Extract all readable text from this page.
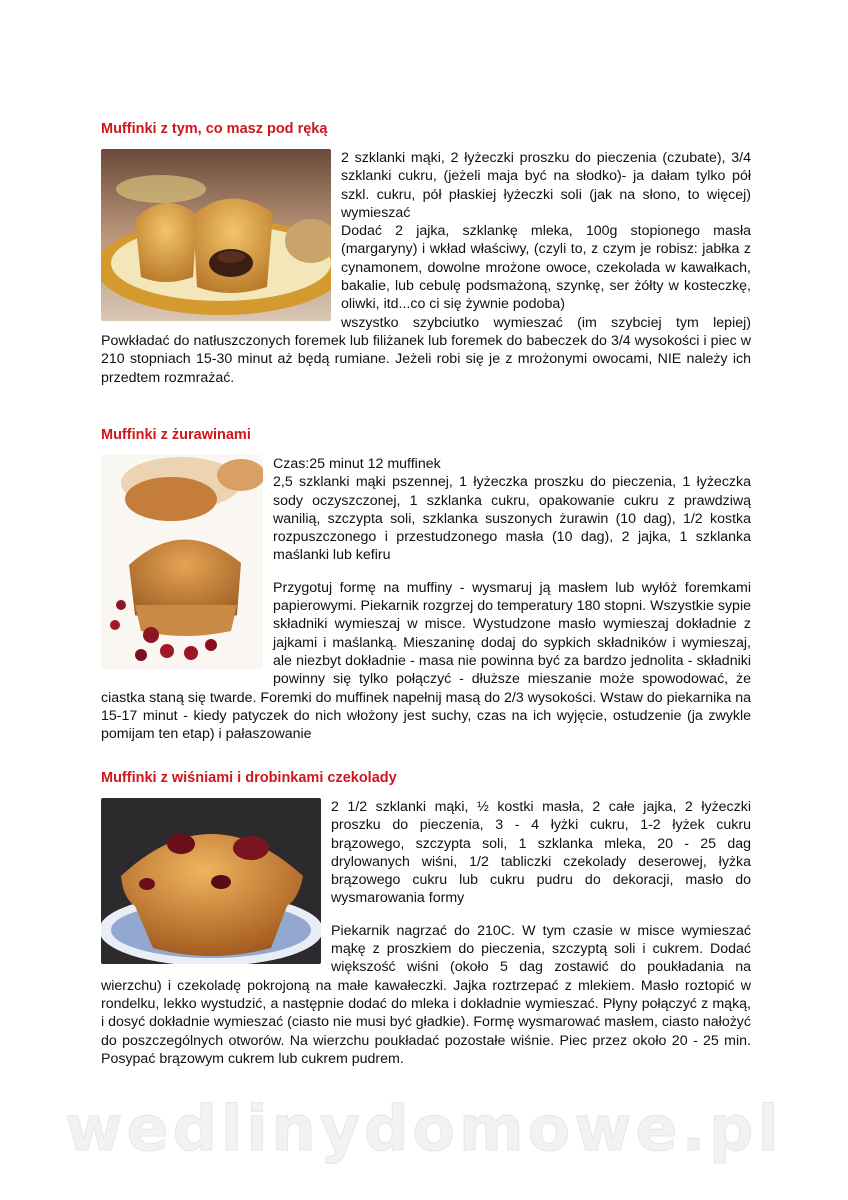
Muffinki z tym, co masz pod ręką

2 szklanki mąki, 2 łyżeczki proszku do pieczenia (czubate), 3/4 szklanki cukru, (jeżeli maja być na słodko)- ja dałam tylko pół szkl. cukru, pół płaskiej łyżeczki soli (jak na słono, to więcej) wymieszać

Dodać 2 jajka, szklankę mleka, 100g stopionego masła (margaryny) i wkład właściwy, (czyli to, z czym je robisz: jabłka z cynamonem, dowolne mrożone owoce, czekolada w kawałkach, bakalie, lub cebulę podsmażoną, szynkę, ser żółty w kosteczkę, oliwki, itd...co ci się żywnie podoba)

wszystko szybciutko wymieszać (im szybciej tym lepiej) Powkładać do natłuszczonych foremek lub filiżanek lub foremek do babeczek do 3/4 wysokości i piec w 210 stopniach 15-30 minut aż będą rumiane. Jeżeli robi się je z mrożonymi owocami, NIE należy ich przedtem rozmrażać.

Muffinki z żurawinami

Czas:25 minut 12 muffinek

2,5 szklanki mąki pszennej, 1 łyżeczka proszku do pieczenia, 1 łyżeczka sody oczyszczonej, 1 szklanka cukru, opakowanie cukru z prawdziwą wanilią, szczypta soli, szklanka suszonych żurawin (10 dag), 1/2 kostka rozpuszczonego i przestudzonego masła (10 dag), 2 jajka, 1 szklanka maślanki lub kefiru

Przygotuj formę na muffiny - wysmaruj ją masłem lub wyłóż foremkami papierowymi. Piekarnik rozgrzej do temperatury 180 stopni. Wszystkie sypie składniki wymieszaj w misce. Wystudzone masło wymieszaj dokładnie z jajkami i maślanką. Mieszaninę dodaj do sypkich składników i wymieszaj, ale niezbyt dokładnie - masa nie powinna być za bardzo jednolita - składniki powinny się tylko połączyć - dłuższe mieszanie może spowodować, że ciastka staną się twarde. Foremki do muffinek napełnij masą do 2/3 wysokości. Wstaw do piekarnika na 15-17 minut - kiedy patyczek do nich włożony jest suchy, czas na ich wyjęcie, ostudzenie (ja zwykle pomijam ten etap) i pałaszowanie

Muffinki z wiśniami i drobinkami czekolady

2 1/2 szklanki mąki, ½ kostki masła, 2 całe jajka, 2 łyżeczki proszku do pieczenia, 3 - 4 łyżki cukru, 1-2 łyżek cukru brązowego, szczypta soli, 1 szklanka mleka, 20 - 25 dag drylowanych wiśni, 1/2 tabliczki czekolady deserowej, łyżka brązowego cukru lub cukru pudru do dekoracji, masło do wysmarowania formy

Piekarnik nagrzać do 210C. W tym czasie w misce wymieszać mąkę z proszkiem do pieczenia, szczyptą soli i cukrem. Dodać większość wiśni (około 5 dag zostawić do poukładania na wierzchu) i czekoladę pokrojoną na małe kawałeczki. Jajka roztrzepać z mlekiem. Masło roztopić w rondelku, lekko wystudzić, a następnie dodać do mleka i dokładnie wymieszać. Płyny połączyć z mąką, i dosyć dokładnie wymieszać (ciasto nie musi być gładkie). Formę wysmarować masłem, ciasto nałożyć do poszczególnych otworów. Na wierzchu poukładać pozostałe wiśnie. Piec przez około 20 - 25 min. Posypać brązowym cukrem lub cukrem pudrem.

wedlinydomowe.pl
